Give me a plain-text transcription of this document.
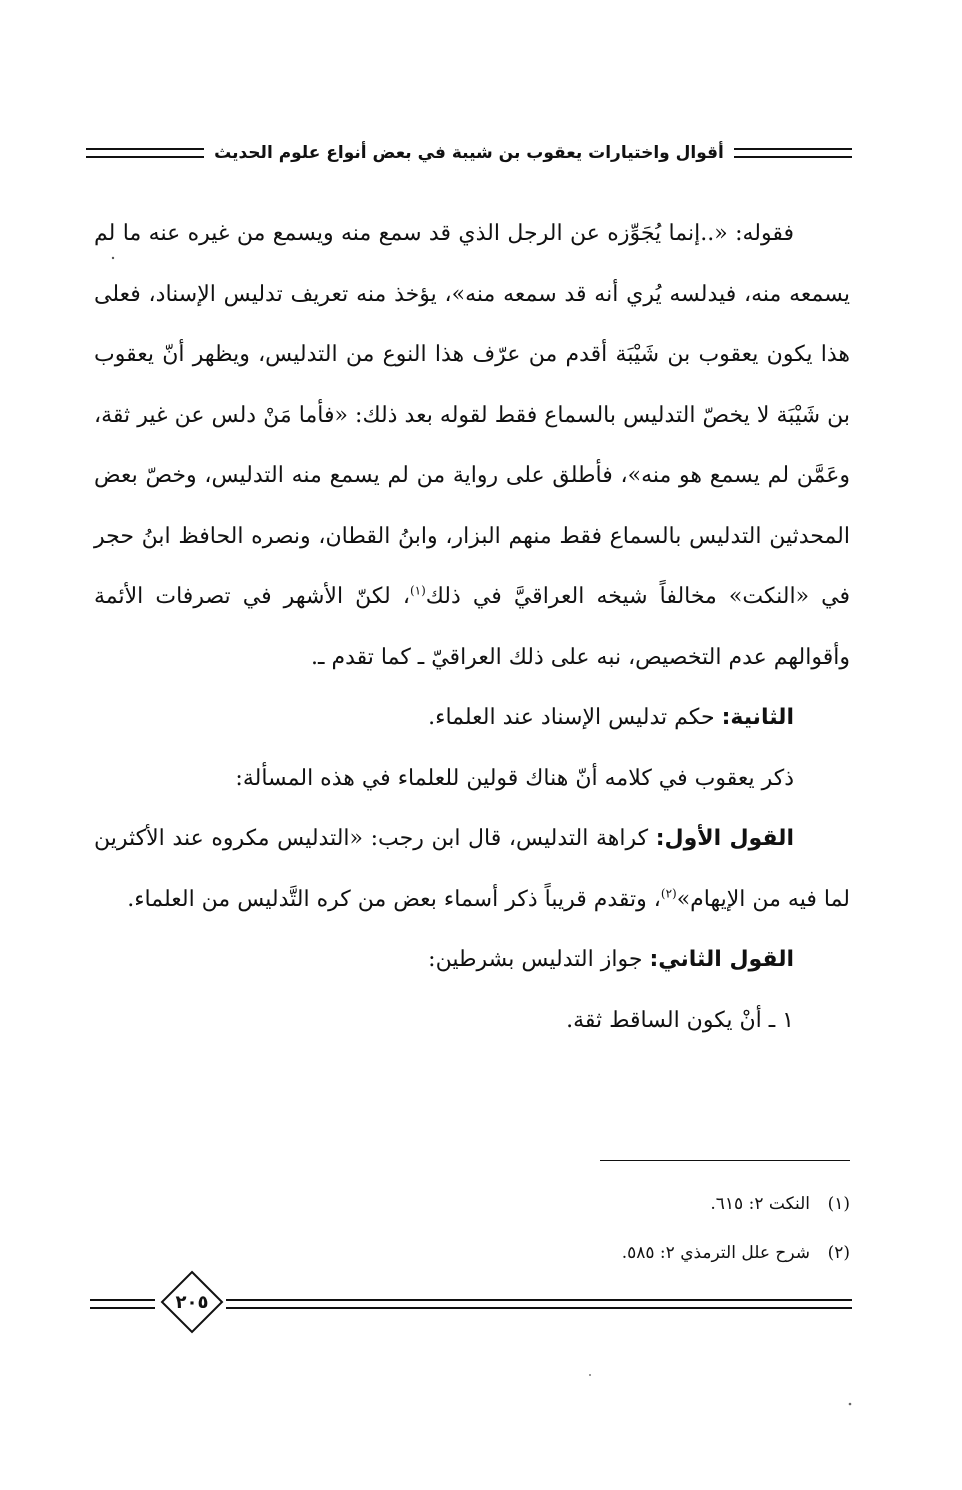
أقوال واختيارات يعقوب بن شيبة في بعض أنواع علوم الحديث

فقوله: «..إنما يُجَوِّزه عن الرجل الذي قد سمع منه ويسمع من غيره عنه ما لم يسمعه منه، فيدلسه يُري أنه قد سمعه منه»، يؤخذ منه تعريف تدليس الإسناد، فعلى هذا يكون يعقوب بن شَيْبَة أقدم من عرّف هذا النوع من التدليس، ويظهر أنّ يعقوب بن شَيْبَة لا يخصّ التدليس بالسماع فقط لقوله بعد ذلك: «فأما مَنْ دلس عن غير ثقة، وعَمَّن لم يسمع هو منه»، فأطلق على رواية من لم يسمع منه التدليس، وخصّ بعض المحدثين التدليس بالسماع فقط منهم البزار، وابنُ القطان، ونصره الحافظ ابنُ حجر في «النكت» مخالفاً شيخه العراقيَّ في ذلك$^{(١)}$، لكنّ الأشهر في تصرفات الأئمة وأقوالهم عدم التخصيص، نبه على ذلك العراقيّ ـ كما تقدم ـ.

الثانية: حكم تدليس الإسناد عند العلماء.

ذكر يعقوب في كلامه أنّ هناك قولين للعلماء في هذه المسألة:

القول الأول: كراهة التدليس، قال ابن رجب: «التدليس مكروه عند الأكثرين لما فيه من الإيهام»$^{(٢)}$، وتقدم قريباً ذكر أسماء بعض من كره التَّدليس من العلماء.

القول الثاني: جواز التدليس بشرطين:

١ ـ أنْ يكون الساقط ثقة.

(١)النكت ٢: ٦١٥.
(٢)شرح علل الترمذي ٢: ٥٨٥.
٢٠٥
